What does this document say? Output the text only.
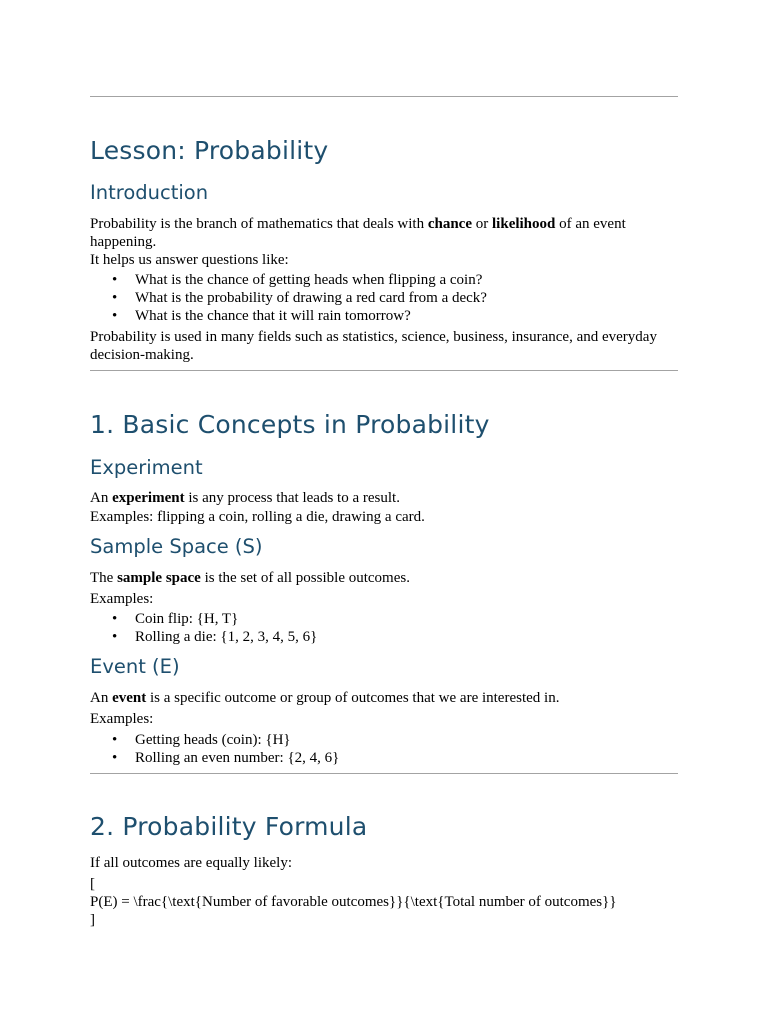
Lesson: Probability
Introduction

Probability is the branch of mathematics that deals with chance or likelihood of an event happening.

It helps us answer questions like:

• What is the chance of getting heads when flipping a coin?
• What is the probability of drawing a red card from a deck?
• What is the chance that it will rain tomorrow?

Probability is used in many fields such as statistics, science, business, insurance, and everyday decision-making.

1. Basic Concepts in Probability
Experiment

An experiment is any process that leads to a result.

Examples: flipping a coin, rolling a die, drawing a card.

Sample Space (S)

The sample space is the set of all possible outcomes.

Examples:

• Coin flip: {H, T}
• Rolling a die: {1, 2, 3, 4, 5, 6}
Event (E)

An event is a specific outcome or group of outcomes that we are interested in.

Examples:

• Getting heads (coin): {H}
• Rolling an even number: {2, 4, 6}
2. Probability Formula

If all outcomes are equally likely:

[

P(E) = \frac{\text{Number of favorable outcomes}}{\text{Total number of outcomes}}

]
